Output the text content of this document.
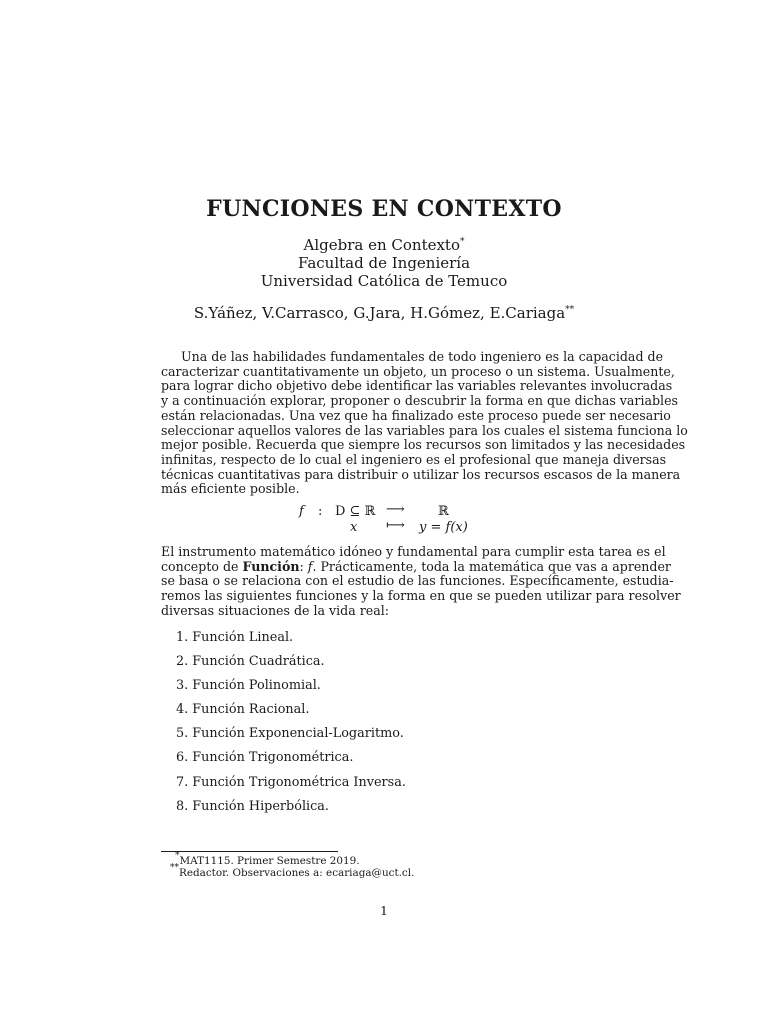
FUNCIONES EN CONTEXTO
Algebra en Contexto*
Facultad de Ingeniería
Universidad Católica de Temuco
S.Yáñez, V.Carrasco, G.Jara, H.Gómez, E.Cariaga**
Una de las habilidades fundamentales de todo ingeniero es la capacidad de
caracterizar cuantitativamente un objeto, un proceso o un sistema. Usualmente,
para lograr dicho objetivo debe identificar las variables relevantes involucradas
y a continuación explorar, proponer o descubrir la forma en que dichas variables
están relacionadas. Una vez que ha finalizado este proceso puede ser necesario
seleccionar aquellos valores de las variables para los cuales el sistema funciona lo
mejor posible. Recuerda que siempre los recursos son limitados y las necesidades
infinitas, respecto de lo cual el ingeniero es el profesional que maneja diversas
técnicas cuantitativas para distribuir o utilizar los recursos escasos de la manera
más eficiente posible.
f : D ⊆ ℝ ⟶	ℝ
x ⟼ y = f(x)
El instrumento matemático idóneo y fundamental para cumplir esta tarea es el
concepto de Función: f. Prácticamente, toda la matemática que vas a aprender
se basa o se relaciona con el estudio de las funciones. Específicamente, estudia-
remos las siguientes funciones y la forma en que se pueden utilizar para resolver
diversas situaciones de la vida real:
1. Función Lineal.
2. Función Cuadrática.
3. Función Polinomial.
4. Función Racional.
5. Función Exponencial-Logaritmo.
6. Función Trigonométrica.
7. Función Trigonométrica Inversa.
8. Función Hiperbólica.
*MAT1115. Primer Semestre 2019.
**Redactor. Observaciones a: ecariaga@uct.cl.
1
